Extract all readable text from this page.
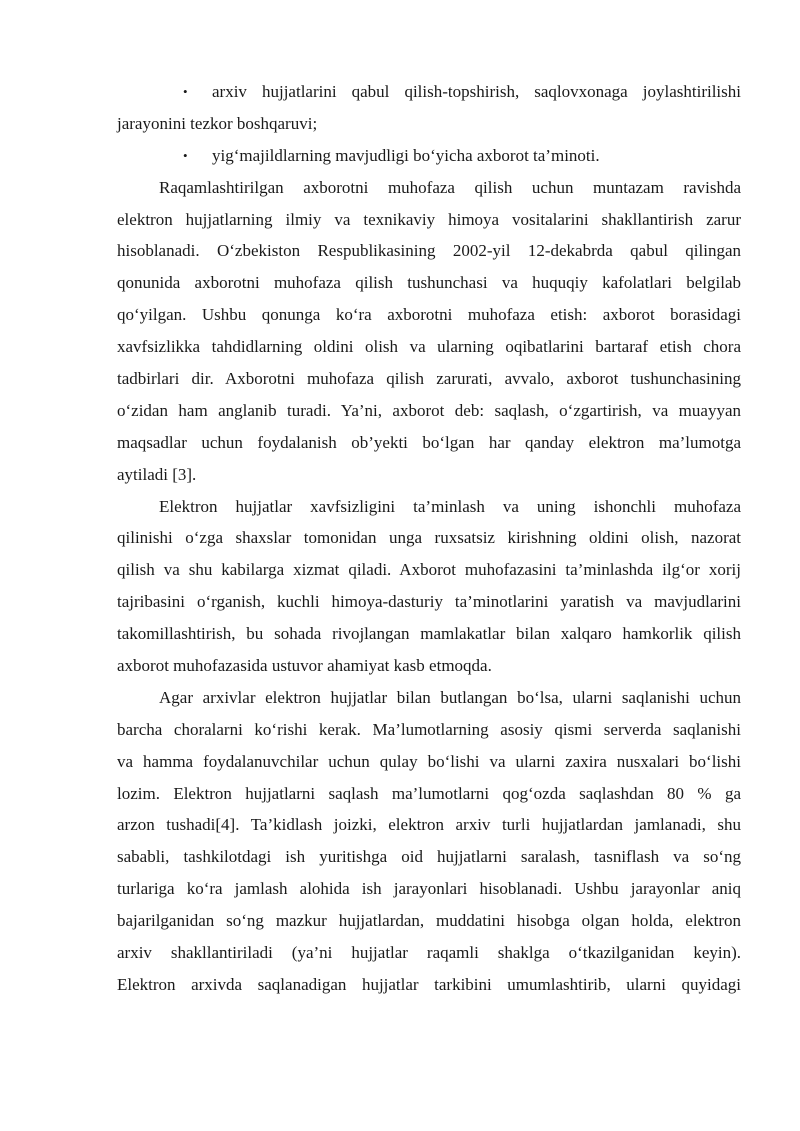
• arxiv hujjatlarini qabul qilish-topshirish, saqlovxonaga joylashtirilishi
jarayonini tezkor boshqaruvi;
• yig‘majildlarning mavjudligi bo‘yicha axborot ta’minoti.
Raqamlashtirilgan axborotni muhofaza qilish uchun muntazam ravishda
elektron hujjatlarning ilmiy va texnikaviy himoya vositalarini shakllantirish zarur
hisoblanadi. O‘zbekiston Respublikasining 2002-yil 12-dekabrda qabul qilingan
qonunida axborotni muhofaza qilish tushunchasi va huquqiy kafolatlari belgilab
qo‘yilgan. Ushbu qonunga ko‘ra axborotni muhofaza etish: axborot borasidagi
xavfsizlikka tahdidlarning oldini olish va ularning oqibatlarini bartaraf etish chora
tadbirlari dir. Axborotni muhofaza qilish zarurati, avvalo, axborot tushunchasining
o‘zidan ham anglanib turadi. Ya’ni, axborot deb: saqlash, o‘zgartirish, va muayyan
maqsadlar uchun foydalanish ob’yekti bo‘lgan har qanday elektron ma’lumotga
aytiladi [3].
Elektron hujjatlar xavfsizligini ta’minlash va uning ishonchli muhofaza
qilinishi o‘zga shaxslar tomonidan unga ruxsatsiz kirishning oldini olish, nazorat
qilish va shu kabilarga xizmat qiladi. Axborot muhofazasini ta’minlashda ilg‘or xorij
tajribasini o‘rganish, kuchli himoya-dasturiy ta’minotlarini yaratish va mavjudlarini
takomillashtirish, bu sohada rivojlangan mamlakatlar bilan xalqaro hamkorlik qilish
axborot muhofazasida ustuvor ahamiyat kasb etmoqda.
Agar arxivlar elektron hujjatlar bilan butlangan bo‘lsa, ularni saqlanishi uchun
barcha choralarni ko‘rishi kerak. Ma’lumotlarning asosiy qismi serverda saqlanishi
va hamma foydalanuvchilar uchun qulay bo‘lishi va ularni zaxira nusxalari bo‘lishi
lozim. Elektron hujjatlarni saqlash ma’lumotlarni qog‘ozda saqlashdan 80 % ga
arzon tushadi[4]. Ta’kidlash joizki, elektron arxiv turli hujjatlardan jamlanadi, shu
sababli, tashkilotdagi ish yuritishga oid hujjatlarni saralash, tasniflash va so‘ng
turlariga ko‘ra jamlash alohida ish jarayonlari hisoblanadi. Ushbu jarayonlar aniq
bajarilganidan so‘ng mazkur hujjatlardan, muddatini hisobga olgan holda, elektron
arxiv shakllantiriladi (ya’ni hujjatlar raqamli shaklga o‘tkazilganidan keyin).
Elektron arxivda saqlanadigan hujjatlar tarkibini umumlashtirib, ularni quyidagi
